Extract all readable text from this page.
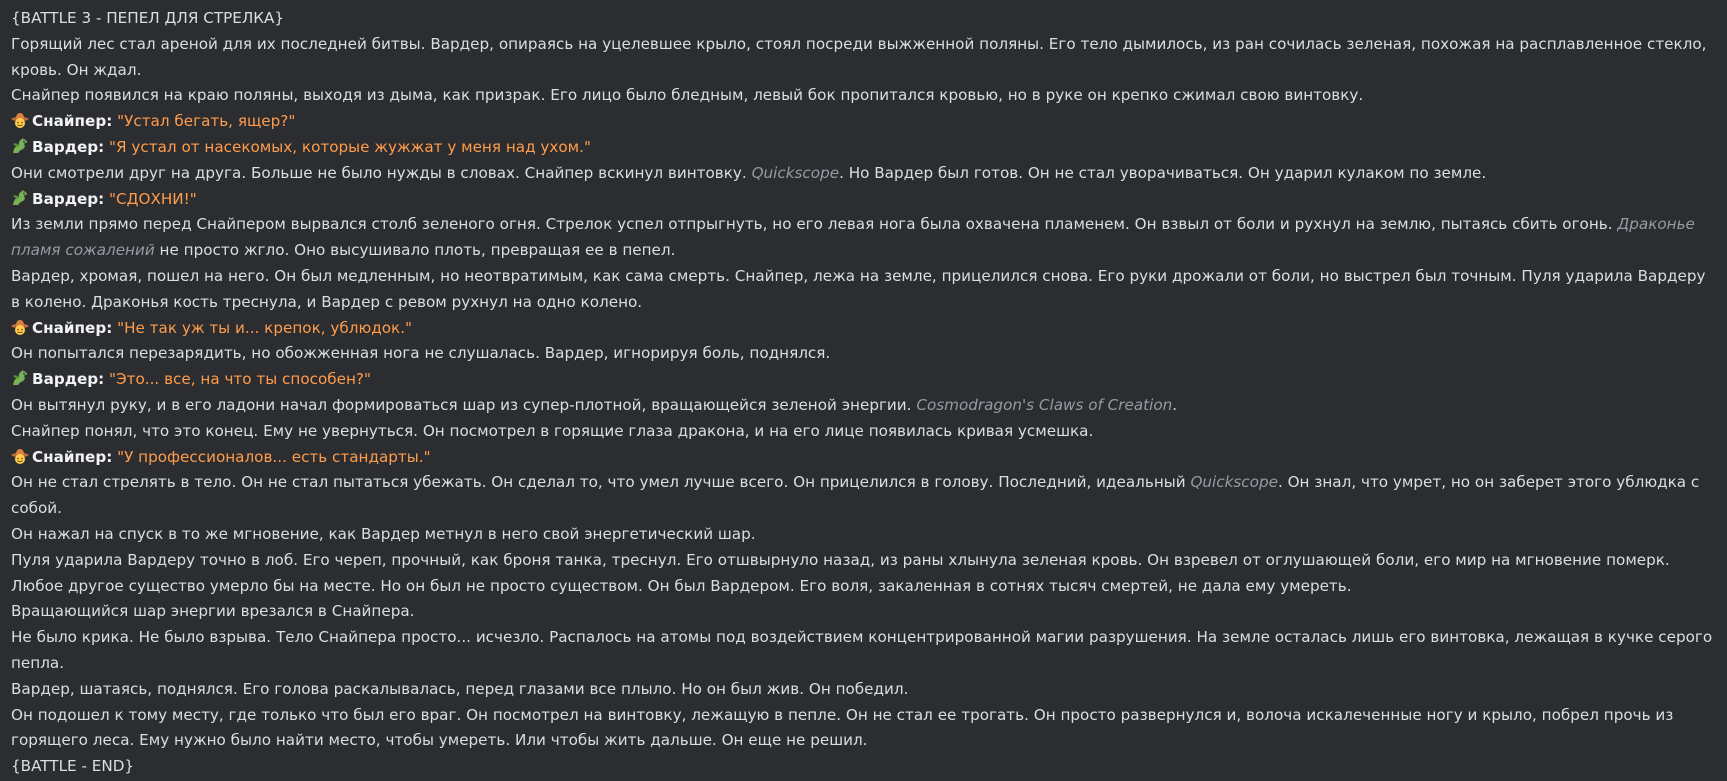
{BATTLE 3 - ПЕПЕЛ ДЛЯ СТРЕЛКА}

Горящий лес стал ареной для их последней битвы. Вардер, опираясь на уцелевшее крыло, стоял посреди выжженной поляны. Его тело дымилось, из ран сочилась зеленая, похожая на расплавленное стекло, кровь. Он ждал.

Снайпер появился на краю поляны, выходя из дыма, как призрак. Его лицо было бледным, левый бок пропитался кровью, но в руке он крепко сжимал свою винтовку.

Снайпер: "Устал бегать, ящер?"

Вардер: "Я устал от насекомых, которые жужжат у меня над ухом."

Они смотрели друг на друга. Больше не было нужды в словах. Снайпер вскинул винтовку. Quickscope. Но Вардер был готов. Он не стал уворачиваться. Он ударил кулаком по земле.

Вардер: "СДОХНИ!"

Из земли прямо перед Снайпером вырвался столб зеленого огня. Стрелок успел отпрыгнуть, но его левая нога была охвачена пламенем. Он взвыл от боли и рухнул на землю, пытаясь сбить огонь. Драконье пламя сожалений не просто жгло. Оно высушивало плоть, превращая ее в пепел.

Вардер, хромая, пошел на него. Он был медленным, но неотвратимым, как сама смерть. Снайпер, лежа на земле, прицелился снова. Его руки дрожали от боли, но выстрел был точным. Пуля ударила Вардеру в колено. Драконья кость треснула, и Вардер с ревом рухнул на одно колено.

Снайпер: "Не так уж ты и... крепок, ублюдок."

Он попытался перезарядить, но обожженная нога не слушалась. Вардер, игнорируя боль, поднялся.

Вардер: "Это... все, на что ты способен?"

Он вытянул руку, и в его ладони начал формироваться шар из супер-плотной, вращающейся зеленой энергии. Cosmodragon's Claws of Creation.

Снайпер понял, что это конец. Ему не увернуться. Он посмотрел в горящие глаза дракона, и на его лице появилась кривая усмешка.

Снайпер: "У профессионалов... есть стандарты."

Он не стал стрелять в тело. Он не стал пытаться убежать. Он сделал то, что умел лучше всего. Он прицелился в голову. Последний, идеальный Quickscope. Он знал, что умрет, но он заберет этого ублюдка с собой.

Он нажал на спуск в то же мгновение, как Вардер метнул в него свой энергетический шар.

Пуля ударила Вардеру точно в лоб. Его череп, прочный, как броня танка, треснул. Его отшвырнуло назад, из раны хлынула зеленая кровь. Он взревел от оглушающей боли, его мир на мгновение померк. Любое другое существо умерло бы на месте. Но он был не просто существом. Он был Вардером. Его воля, закаленная в сотнях тысяч смертей, не дала ему умереть.

Вращающийся шар энергии врезался в Снайпера.

Не было крика. Не было взрыва. Тело Снайпера просто... исчезло. Распалось на атомы под воздействием концентрированной магии разрушения. На земле осталась лишь его винтовка, лежащая в кучке серого пепла.

Вардер, шатаясь, поднялся. Его голова раскалывалась, перед глазами все плыло. Но он был жив. Он победил.

Он подошел к тому месту, где только что был его враг. Он посмотрел на винтовку, лежащую в пепле. Он не стал ее трогать. Он просто развернулся и, волоча искалеченные ногу и крыло, побрел прочь из горящего леса. Ему нужно было найти место, чтобы умереть. Или чтобы жить дальше. Он еще не решил.

{BATTLE - END}
